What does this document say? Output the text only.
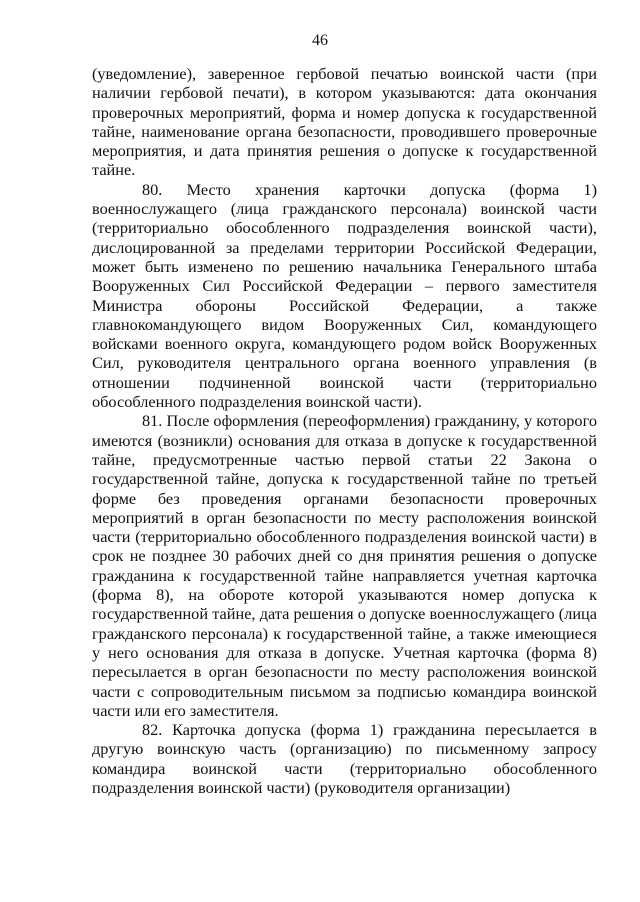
46

(уведомление), заверенное гербовой печатью воинской части (при наличии гербовой печати), в котором указываются: дата окончания проверочных мероприятий, форма и номер допуска к государственной тайне, наименование органа безопасности, проводившего проверочные мероприятия, и дата принятия решения о допуске к государственной тайне.

80. Место хранения карточки допуска (форма 1) военнослужащего (лица гражданского персонала) воинской части (территориально обособленного подразделения воинской части), дислоцированной за пределами территории Российской Федерации, может быть изменено по решению начальника Генерального штаба Вооруженных Сил Российской Федерации – первого заместителя Министра обороны Российской Федерации, а также главнокомандующего видом Вооруженных Сил, командующего войсками военного округа, командующего родом войск Вооруженных Сил, руководителя центрального органа военного управления (в отношении подчиненной воинской части (территориально обособленного подразделения воинской части).

81. После оформления (переоформления) гражданину, у которого имеются (возникли) основания для отказа в допуске к государственной тайне, предусмотренные частью первой статьи 22 Закона о государственной тайне, допуска к государственной тайне по третьей форме без проведения органами безопасности проверочных мероприятий в орган безопасности по месту расположения воинской части (территориально обособленного подразделения воинской части) в срок не позднее 30 рабочих дней со дня принятия решения о допуске гражданина к государственной тайне направляется учетная карточка (форма 8), на обороте которой указываются номер допуска к государственной тайне, дата решения о допуске военнослужащего (лица гражданского персонала) к государственной тайне, а также имеющиеся у него основания для отказа в допуске. Учетная карточка (форма 8) пересылается в орган безопасности по месту расположения воинской части с сопроводительным письмом за подписью командира воинской части или его заместителя.

82. Карточка допуска (форма 1) гражданина пересылается в другую воинскую часть (организацию) по письменному запросу командира воинской части (территориально обособленного подразделения воинской части) (руководителя организации)
